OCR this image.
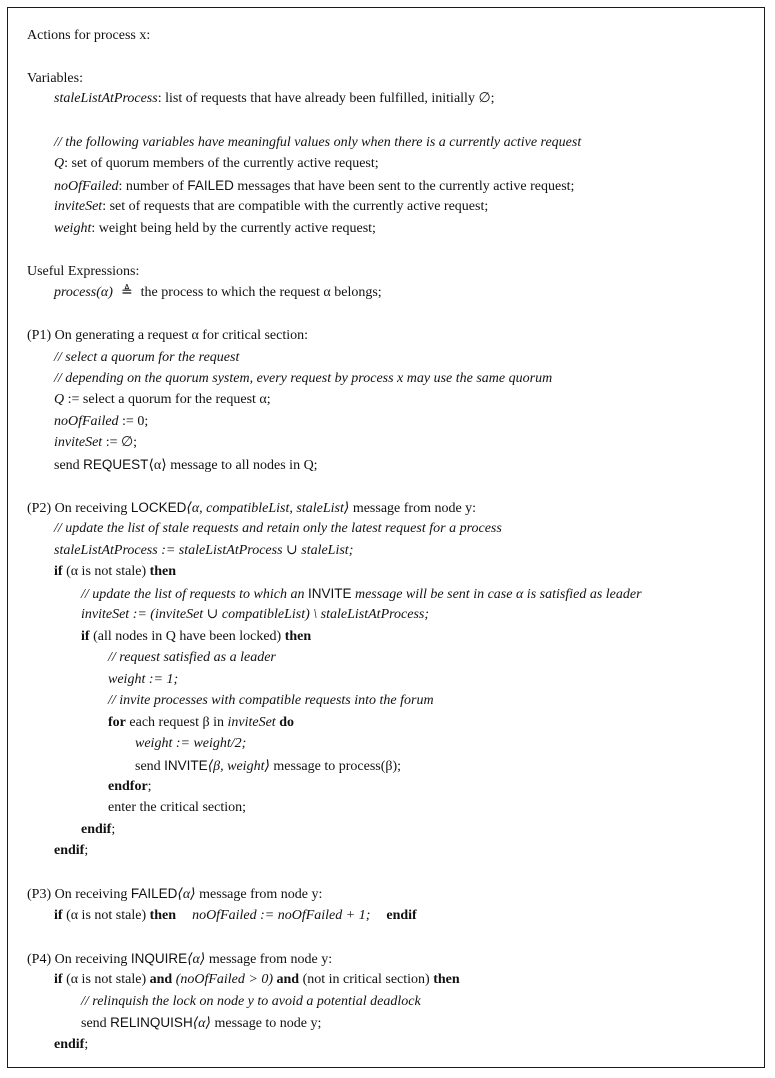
Actions for process x:
Variables:
staleListAtProcess: list of requests that have already been fulfilled, initially ∅;
// the following variables have meaningful values only when there is a currently active request
Q: set of quorum members of the currently active request;
noOfFailed: number of FAILED messages that have been sent to the currently active request;
inviteSet: set of requests that are compatible with the currently active request;
weight: weight being held by the currently active request;
Useful Expressions:
process(α) ≜ the process to which the request α belongs;
(P1) On generating a request α for critical section:
// select a quorum for the request
// depending on the quorum system, every request by process x may use the same quorum
Q := select a quorum for the request α;
noOfFailed := 0;
inviteSet := ∅;
send REQUEST⟨α⟩ message to all nodes in Q;
(P2) On receiving LOCKED⟨α, compatibleList, staleList⟩ message from node y:
// update the list of stale requests and retain only the latest request for a process
staleListAtProcess := staleListAtProcess ∪ staleList;
if (α is not stale) then
// update the list of requests to which an INVITE message will be sent in case α is satisfied as leader
inviteSet := (inviteSet ∪ compatibleList) \ staleListAtProcess;
if (all nodes in Q have been locked) then
// request satisfied as a leader
weight := 1;
// invite processes with compatible requests into the forum
for each request β in inviteSet do
weight := weight/2;
send INVITE⟨β, weight⟩ message to process(β);
endfor;
enter the critical section;
endif;
endif;
(P3) On receiving FAILED⟨α⟩ message from node y:
if (α is not stale) then noOfFailed := noOfFailed + 1; endif
(P4) On receiving INQUIRE⟨α⟩ message from node y:
if (α is not stale) and (noOfFailed > 0) and (not in critical section) then
// relinquish the lock on node y to avoid a potential deadlock
send RELINQUISH⟨α⟩ message to node y;
endif;
